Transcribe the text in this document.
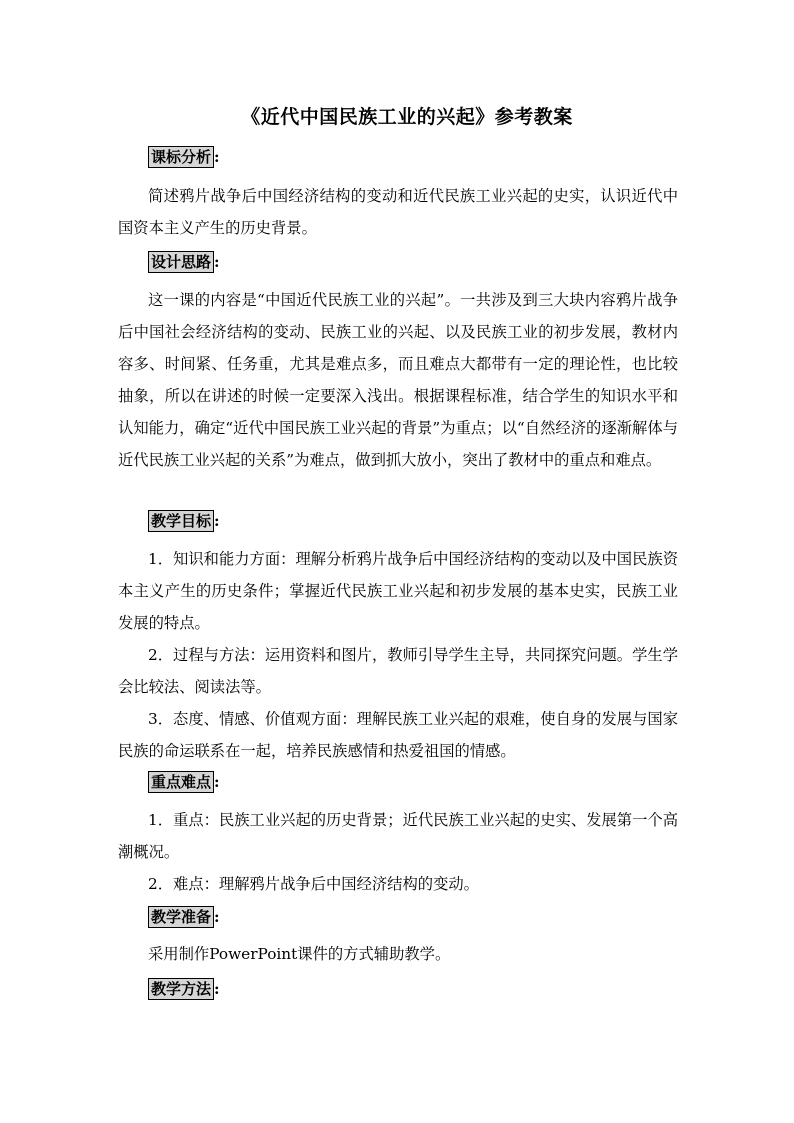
《近代中国民族工业的兴起》参考教案
课标分析 :
简述鸦片战争后中国经济结构的变动和近代民族工业兴起的史实，认识近代中国资本主义产生的历史背景。
设计思路 :
这一课的内容是“中国近代民族工业的兴起”。一共涉及到三大块内容鸦片战争后中国社会经济结构的变动、民族工业的兴起、以及民族工业的初步发展，教材内容多、时间紧、任务重，尤其是难点多，而且难点大都带有一定的理论性，也比较抽象，所以在讲述的时候一定要深入浅出。根据课程标准，结合学生的知识水平和认知能力，确定“近代中国民族工业兴起的背景”为重点；以“自然经济的逐渐解体与近代民族工业兴起的关系”为难点，做到抓大放小，突出了教材中的重点和难点。
教学目标 :
1．知识和能力方面：理解分析鸦片战争后中国经济结构的变动以及中国民族资本主义产生的历史条件；掌握近代民族工业兴起和初步发展的基本史实，民族工业发展的特点。
2．过程与方法：运用资料和图片，教师引导学生主导，共同探究问题。学生学会比较法、阅读法等。
3．态度、情感、价值观方面：理解民族工业兴起的艰难，使自身的发展与国家民族的命运联系在一起，培养民族感情和热爱祖国的情感。
重点难点 :
1．重点：民族工业兴起的历史背景；近代民族工业兴起的史实、发展第一个高潮概况。
2．难点：理解鸦片战争后中国经济结构的变动。
教学准备 :
采用制作PowerPoint课件的方式辅助教学。
教学方法 :
